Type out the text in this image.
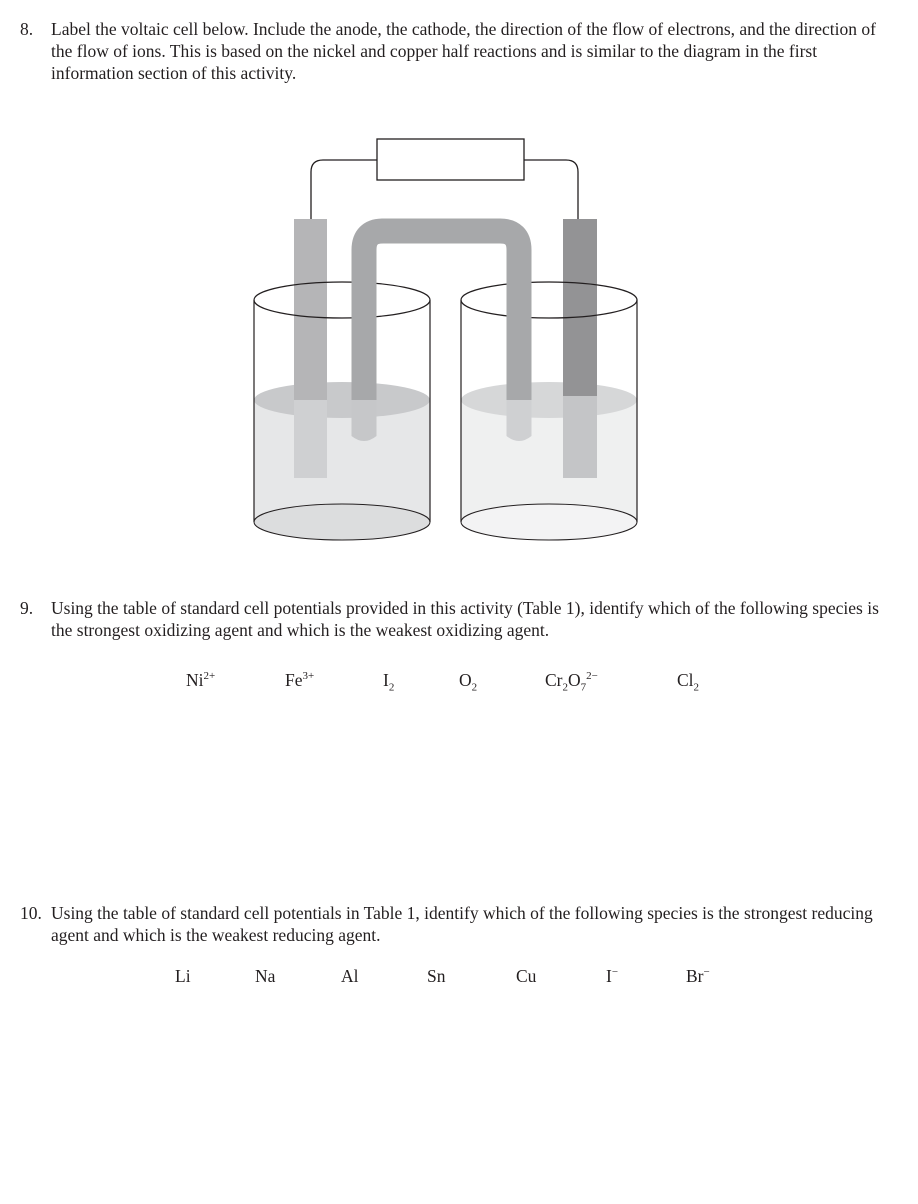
8. Label the voltaic cell below. Include the anode, the cathode, the direction of the flow of electrons, and the direction of the flow of ions. This is based on the nickel and copper half reactions and is similar to the diagram in the first information section of this activity.
9. Using the table of standard cell potentials provided in this activity (Table 1), identify which of the following species is the strongest oxidizing agent and which is the weakest oxidizing agent.
$Ni^{2+}$	$Fe^{3+}$	$I_2$	$O_2$	$Cr_2O_7^{2-}$	$Cl_2$
10. Using the table of standard cell potentials in Table 1, identify which of the following species is the strongest reducing agent and which is the weakest reducing agent.
Li	Na	Al	Sn	Cu	I−	Br−
